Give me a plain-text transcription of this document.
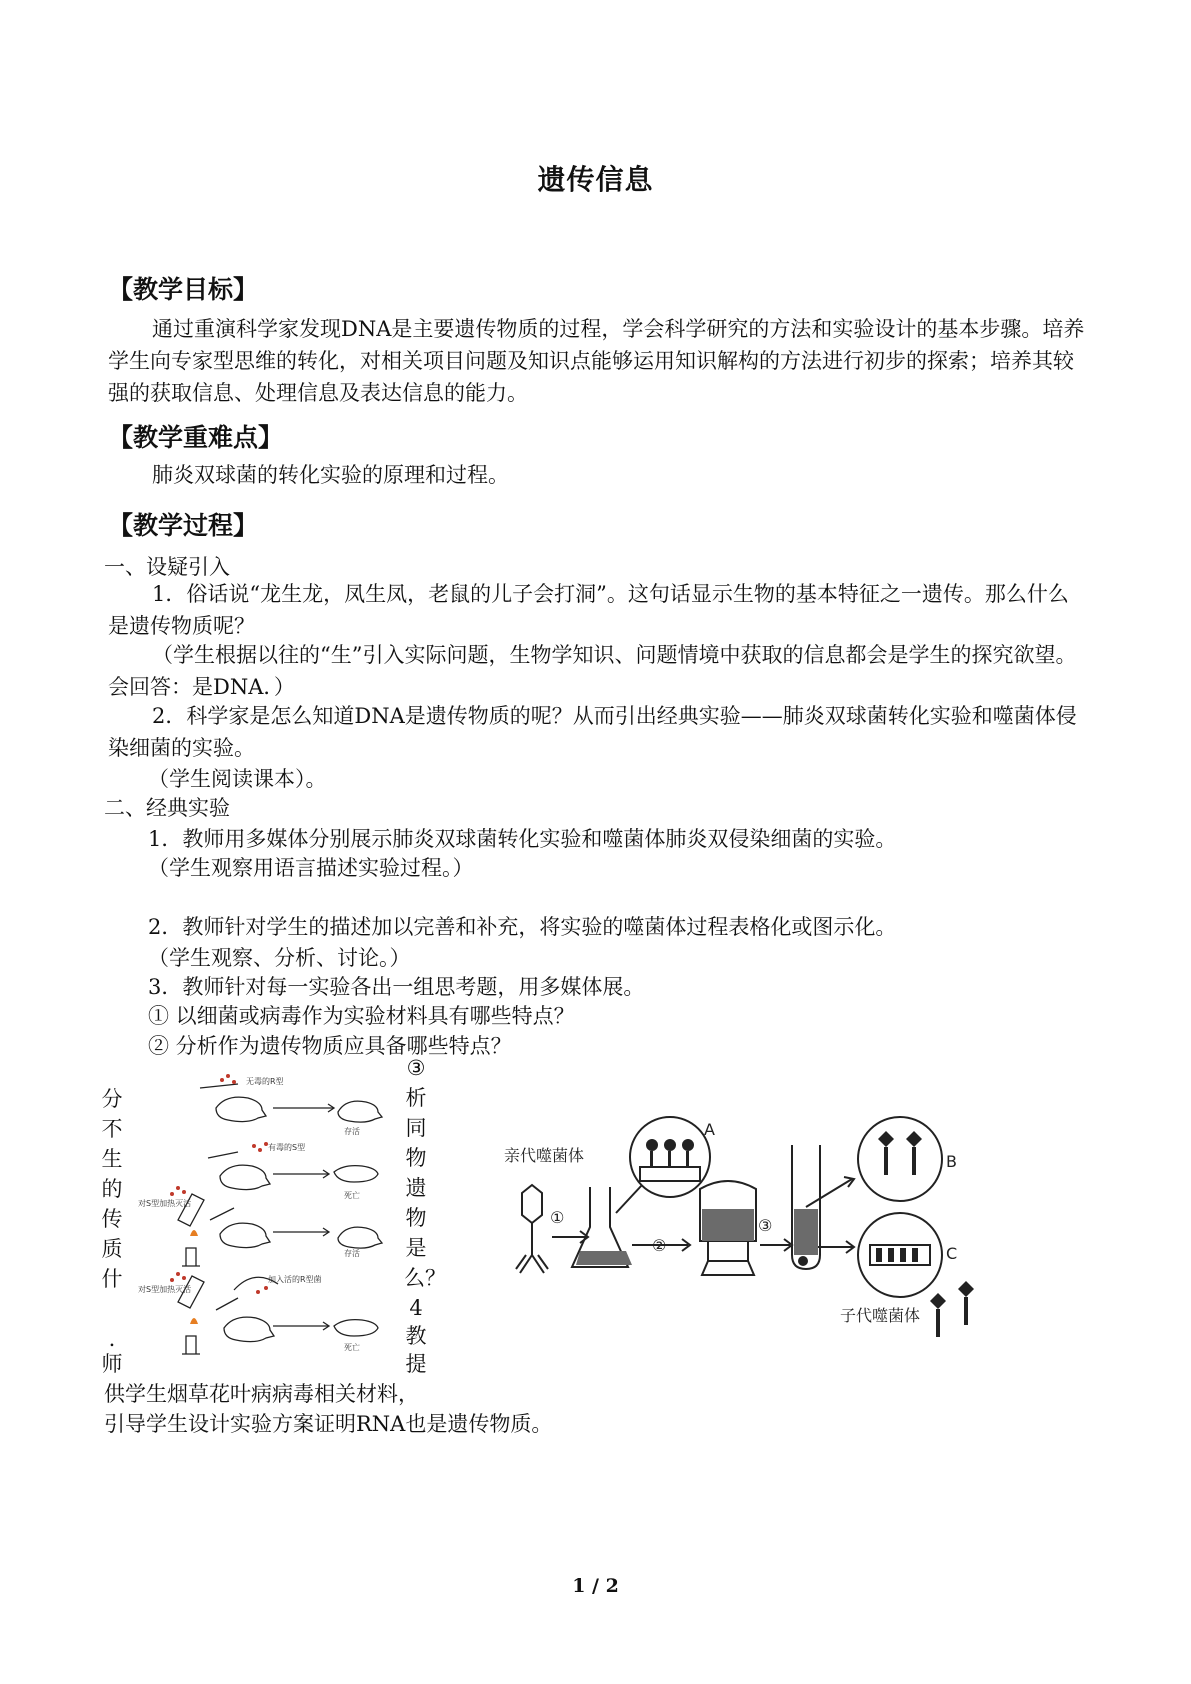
遗传信息
【教学目标】
通过重演科学家发现DNA是主要遗传物质的过程，学会科学研究的方法和实验设计的基本步骤。培养学生向专家型思维的转化，对相关项目问题及知识点能够运用知识解构的方法进行初步的探索；培养其较强的获取信息、处理信息及表达信息的能力。
【教学重难点】
肺炎双球菌的转化实验的原理和过程。
【教学过程】
一、设疑引入
1．俗话说“龙生龙，凤生凤，老鼠的儿子会打洞”。这句话显示生物的基本特征之一遗传。那么什么是遗传物质呢？
（学生根据以往的“生”引入实际问题，生物学知识、问题情境中获取的信息都会是学生的探究欲望。会回答：是DNA．）
2．科学家是怎么知道DNA是遗传物质的呢？从而引出经典实验——肺炎双球菌转化实验和噬菌体侵染细菌的实验。
（学生阅读课本）。
二、经典实验
1．教师用多媒体分别展示肺炎双球菌转化实验和噬菌体肺炎双侵染细菌的实验。
（学生观察用语言描述实验过程。）
2．教师针对学生的描述加以完善和补充，将实验的噬菌体过程表格化或图示化。
（学生观察、分析、讨论。）
3．教师针对每一实验各出一组思考题，用多媒体展。
① 以细菌或病毒作为实验材料具有哪些特点？
② 分析作为遗传物质应具备哪些特点？
分
不
生
的
传
质
什
.
师
③
析
同
物
遗
物
是
么？
4
教
提
供学生烟草花叶病病毒相关材料，
引导学生设计实验方案证明RNA也是遗传物质。
无毒的R型
存活
有毒的S型
死亡
对S型加热灭活
存活
加入活的R型菌
对S型加热灭活
死亡
亲代噬菌体
子代噬菌体
①
②
③
A
B
C
1 / 2
